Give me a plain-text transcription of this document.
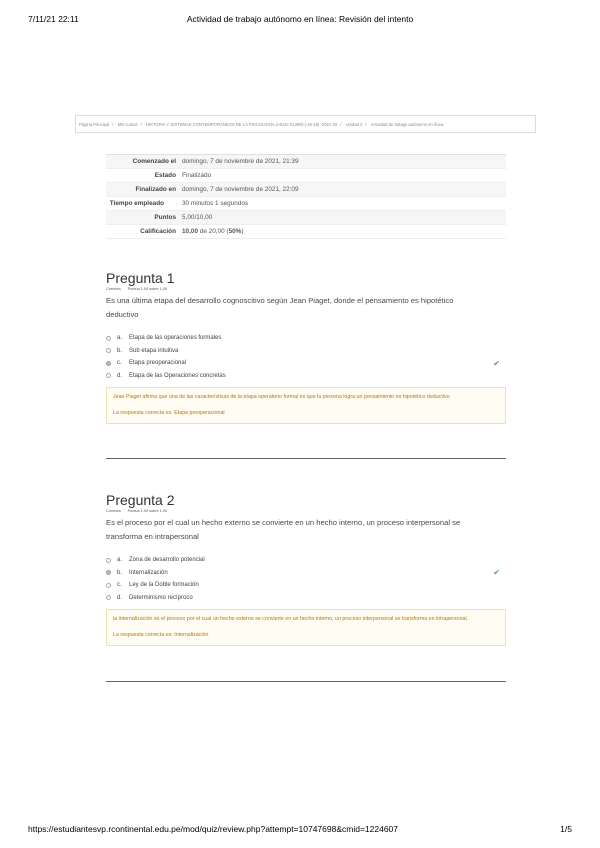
7/11/21 22:11	Actividad de trabajo autónomo en línea: Revisión del intento
Página Principal / Mis cursos / HISTORIA Y SISTEMAS CONTEMPORÁNEOS DE LA PSICOLOGÍA (ASUC-01399)-(-18-19) -2021-20 / Unidad 3 / Actividad de trabajo autónomo en línea
Comenzado el domingo, 7 de noviembre de 2021, 21:39
Estado Finalizado
Finalizado en domingo, 7 de noviembre de 2021, 22:09
Tiempo empleado	30 minutos 1 segundos
Puntos 5,00/10,00
Calificación 10,00 de 20,00 (50%)
Pregunta 1
Correcta Puntúa 1,00 sobre 1,00
Es una última etapa del desarrollo cognoscitivo según Jean Piaget, donde el pensamiento es hipotético deductivo
a.	Etapa de las operaciones formales
b.	Sub etapa intuitiva
c.	Etapa preoperacional	✔
d.	Etapa de las Operaciones concretas
Jean Piaget afirma que una de las características de la etapa operatorio formal es que la persona logra un pensamiento es hipotético deductivo
La respuesta correcta es: Etapa preoperacional
Pregunta 2
Correcta Puntúa 1,00 sobre 1,00
Es el proceso por el cual un hecho externo se convierte en un hecho interno, un proceso interpersonal se transforma en intrapersonal
a.	Zona de desarrollo potencial
b.	Internalización	✔
c.	Ley de la Doble formación
d.	Determinismo recíproco
la internalización es el proceso por el cual un hecho externo se convierte en un hecho interno, un proceso interpersonal se transforma en intrapersonal.
La respuesta correcta es: Internalización
https://estudiantesvp.rcontinental.edu.pe/mod/quiz/review.php?attempt=10747698&cmid=1224607	1/5
